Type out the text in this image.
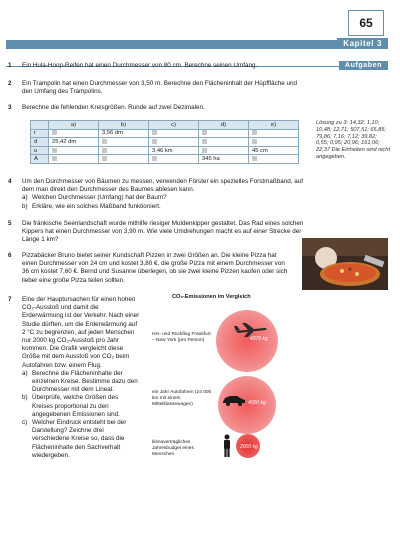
65
Kapitel 3
Aufgaben
1 Ein Hula-Hoop-Reifen hat einen Durchmesser von 80 cm. Berechne seinen Umfang.
2 Ein Trampolin hat einen Durchmesser von 3,50 m. Berechne den Flächeninhalt der Hüpffläche und den Umfang des Trampolins.
3 Berechne die fehlenden Kreisgrößen. Runde auf zwei Dezimalen.
	a)	b)	c)	d)	e)
r		3,56 dm			
d	25,42 dm				
u			3,46 km		45 cm
A				345 ha	
Lösung zu 3: 14,32; 1,10; 10,48; 12,71; 507,51; 65,85; 79,86; 7,16; 7,12; 39,82; 0,55; 0,95; 20,96; 161,06; 22,37 Die Einheiten sind nicht angegeben.
4 Um den Durchmesser von Bäumen zu messen, verwenden Förster ein spezielles Forstmaßband, auf dem man direkt den Durchmesser des Baumes ablesen kann.
a) Welchen Durchmesser (Umfang) hat der Baum?
b) Erkläre, wie ein solches Maßband funktioniert.
5 Die fränkische Seenlandschaft wurde mithilfe riesiger Muldenkipper gestaltet. Das Rad eines solchen Kippers hat einen Durchmesser von 3,90 m. Wie viele Umdrehungen macht es auf einer Strecke der Länge 1 km?
6 Pizzabäcker Bruno bietet seiner Kundschaft Pizzen in zwei Größen an. Die kleine Pizza hat einen Durchmesser von 24 cm und kostet 3,80 €, die große Pizza mit einem Durchmesser von 36 cm kostet 7,60 €. Bernd und Susanne überlegen, ob sie zwei kleine Pizzen kaufen oder sich lieber eine große Pizza teilen sollten.
7 Eine der Hauptursachen für einen hohen CO₂-Ausstoß und damit die Erderwärmung ist der Verkehr. Nach einer Studie dürften, um die Erderwärmung auf 2 °C zu begrenzen, auf jeden Menschen nur 2000 kg CO₂-Ausstoß pro Jahr kommen. Die Grafik vergleicht diese Größe mit dem Ausstoß von CO₂ beim Autofahren bzw. einem Flug.
a) Berechne die Flächeninhalte der einzelnen Kreise. Bestimme dazu den Durchmesser mit dem Lineal.
b) Überprüfe, welche Größen des Kreises proportional zu den angegebenen Emissionen sind.
c) Welcher Eindruck entsteht bei der Darstellung? Zeichne drei verschiedene Kreise so, dass die Flächeninhalte den Sachverhalt wiedergeben.
CO₂-Emissionen im Vergleich
Hin- und Rückflug Frankfurt – New York (pro Person)	4370 kg
ein Jahr Autofahren (24 000 km mit einem Mittelklassewagen)	4000 kg
klimaverträgliches Jahresbudget eines Menschen
2000 kg
